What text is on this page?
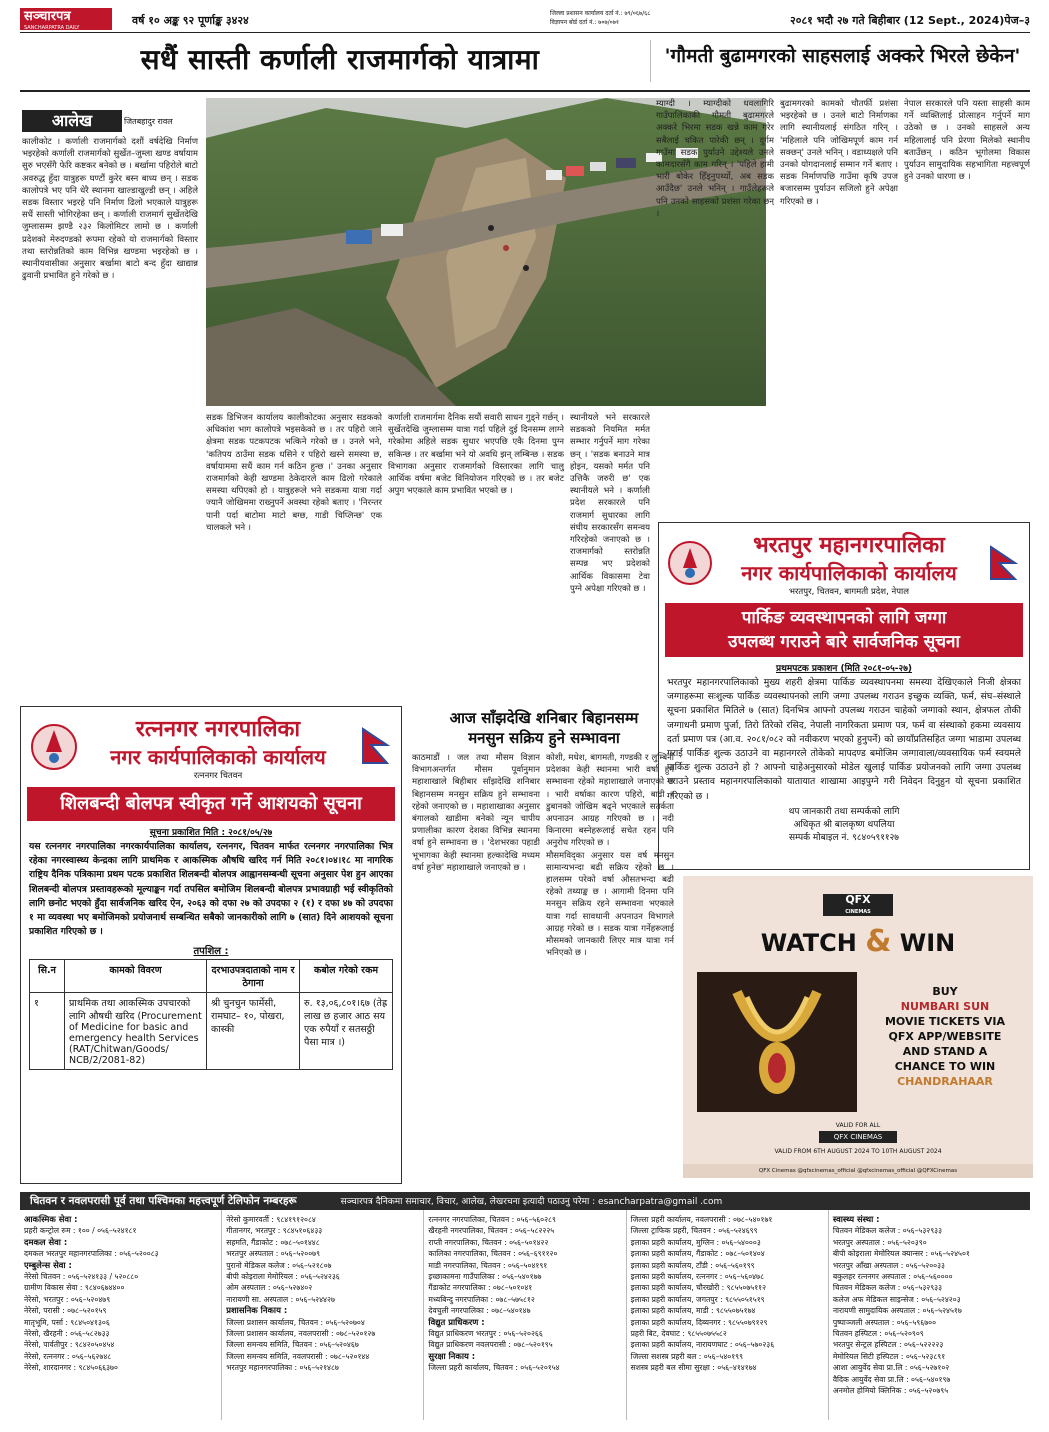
सञ्चारपत्र
SANCHARPATRA DAILY
वर्ष १० अङ्क ९२ पूर्णाङ्क ३४२४
जिल्ला प्रशासन कार्यालय दर्ता नं.: ७९/०६७/६८
विज्ञापन बोर्ड दर्ता नं.: ७०७/०७१	२०८१ भदौ २७ गते बिहीबार (12 Sept., 2024) पेज–३
सधैं सास्ती कर्णाली राजमार्गको यात्रामा	'गौमती बुढामगरको साहसलाई अक्करे भिरले छेकेन'
आलेख	जितबहादुर रावल

कालीकोट । कर्णाली राजमार्गको दशौं वर्षदेखि निर्माण भइरहेको कर्णाली राजमार्गको सुर्खेत–जुम्ला खण्ड वर्षायाम सुरु भएसँगै फेरि कष्टकर बनेको छ । बर्खामा पहिरोले बाटो अवरुद्ध हुँदा यात्रुहरू घण्टौं कुरेर बस्न बाध्य छन् । सडक कालोपत्रे भए पनि धेरै स्थानमा खाल्डाखुल्डी छन् । अहिले सडक विस्तार भइरहे पनि निर्माण ढिलो भएकाले यात्रुहरू सधैं सास्ती भोगिरहेका छन् । कर्णाली राजमार्ग सुर्खेतदेखि जुम्लासम्म झण्डै २३२ किलोमिटर लामो छ । कर्णाली प्रदेशको मेरुदण्डको रूपमा रहेको यो राजमार्गको विस्तार तथा स्तरोन्नतिको काम विभिन्न खण्डमा भइरहेको छ । स्थानीयवासीका अनुसार बर्खामा बाटो बन्द हुँदा खाद्यान्न ढुवानी प्रभावित हुने गरेको छ ।

सडक डिभिजन कार्यालय कालीकोटका अनुसार सडकको अधिकांश भाग कालोपत्रे भइसकेको छ । तर पहिरो जाने क्षेत्रमा सडक पटकपटक भत्किने गरेको छ । उनले भने, 'कतिपय ठाउँमा सडक धसिने र पहिरो खस्ने समस्या छ, वर्षायाममा सधैं काम गर्न कठिन हुन्छ ।' उनका अनुसार राजमार्गको केही खण्डमा ठेकेदारले काम ढिलो गरेकाले समस्या थपिएको हो । यात्रुहरूले भने सडकमा यात्रा गर्दा ज्यानै जोखिममा राख्नुपर्ने अवस्था रहेको बताए । 'निरन्तर पानी पर्दा बाटोमा माटो बग्छ, गाडी चिप्लिन्छ' एक चालकले भने ।

कर्णाली राजमार्गमा दैनिक सयौं सवारी साधन गुड्ने गर्छन् । सुर्खेतदेखि जुम्लासम्म यात्रा गर्दा पहिले दुई दिनसम्म लाग्ने गरेकोमा अहिले सडक सुधार भएपछि एकै दिनमा पुग्न सकिन्छ । तर बर्खामा भने यो अवधि झन् लम्बिन्छ । सडक विभागका अनुसार राजमार्गको विस्तारका लागि चालु आर्थिक वर्षमा बजेट विनियोजन गरिएको छ । तर बजेट अपुग भएकाले काम प्रभावित भएको छ ।

स्थानीयले भने सरकारले सडकको नियमित मर्मत सम्भार गर्नुपर्ने माग गरेका छन् । 'सडक बनाउने मात्र होइन, यसको मर्मत पनि उत्तिकै जरुरी छ' एक स्थानीयले भने । कर्णाली प्रदेश सरकारले पनि राजमार्ग सुधारका लागि संघीय सरकारसँग समन्वय गरिरहेको जनाएको छ । राजमार्गको स्तरोन्नति सम्पन्न भए प्रदेशको आर्थिक विकासमा टेवा पुग्ने अपेक्षा गरिएको छ ।

म्याग्दी । म्याग्दीको धवलागिरि गाउँपालिकाकी गौमती बुढामगरले अक्करे भिरमा सडक खन्ने काम गरेर सबैलाई चकित पारेकी छन् । दुर्गम गाउँमा सडक पुर्याउने उद्देश्यले उनले कामदारसँगै काम गरिन् । 'पहिले हामी भारी बोकेर हिँड्नुपर्थ्यो, अब सडक आउँदैछ' उनले भनिन् । गाउँलेहरूले पनि उनको साहसको प्रशंसा गरेका छन् ।

बुढामगरको कामको चौतर्फी प्रशंसा भइरहेको छ । उनले बाटो निर्माणका लागि स्थानीयलाई संगठित गरिन् । 'महिलाले पनि जोखिमपूर्ण काम गर्न सक्छन्' उनले भनिन् । वडाध्यक्षले पनि उनको योगदानलाई सम्मान गर्ने बताए । सडक निर्माणपछि गाउँमा कृषि उपज बजारसम्म पुर्याउन सजिलो हुने अपेक्षा गरिएको छ ।

नेपाल सरकारले पनि यस्ता साहसी काम गर्ने व्यक्तिलाई प्रोत्साहन गर्नुपर्ने माग उठेको छ । उनको साहसले अन्य महिलालाई पनि प्रेरणा मिलेको स्थानीय बताउँछन् । कठिन भूगोलमा विकास पुर्याउन सामुदायिक सहभागिता महत्त्वपूर्ण हुने उनको धारणा छ ।

भरतपुर महानगरपालिका
नगर कार्यपालिकाको कार्यालय
भरतपुर, चितवन, बागमती प्रदेश, नेपाल
पार्किङ व्यवस्थापनको लागि जग्गा
उपलब्ध गराउने बारे सार्वजनिक सूचना
प्रथमपटक प्रकाशन (मिति २०८१-०५-२७)
भरतपुर महानगरपालिकाको मुख्य शहरी क्षेत्रमा पार्किङ व्यवस्थापनमा समस्या देखिएकाले निजी क्षेत्रका जग्गाहरूमा सःशुल्क पार्किङ व्यवस्थापनको लागि जग्गा उपलब्ध गराउन इच्छुक व्यक्ति, फर्म, संघ–संस्थाले सूचना प्रकाशित मितिले ७ (सात) दिनभित्र आफ्नो उपलब्ध गराउन चाहेको जग्गाको स्थान, क्षेत्रफल तोकी जग्गाधनी प्रमाण पुर्जा, तिरो तिरेको रसिद, नेपाली नागरिकता प्रमाण पत्र, फर्म वा संस्थाको हकमा व्यवसाय दर्ता प्रमाण पत्र (आ.व. २०८१/०८२ को नवीकरण भएको हुनुपर्ने) को छायाँप्रतिसहित जग्गा भाडामा उपलब्ध गराई पार्किङ शुल्क उठाउने वा महानगरले तोकेको मापदण्ड बमोजिम जग्गावाला/व्यवसायिक फर्म स्वयमले पार्किङ शुल्क उठाउने हो ? आफ्नो चाहेअनुसारको मोडेल खुलाई पार्किङ प्रयोजनको लागि जग्गा उपलब्ध गराउने प्रस्ताव महानगरपालिकाको यातायात शाखामा आइपुग्ने गरी निवेदन दिनुहुन यो सूचना प्रकाशित गरिएको छ ।
थप जानकारी तथा सम्पर्कको लागि
अधिकृत श्री बालकृष्ण थपलिया
सम्पर्क मोबाइल नं. ९८४०५९११२७
रत्ननगर नगरपालिका
नगर कार्यपालिकाको कार्यालय
रत्ननगर चितवन
शिलबन्दी बोलपत्र स्वीकृत गर्ने आशयको सूचना
सूचना प्रकाशित मिति : २०८१/०५/२७
यस रत्ननगर नगरपालिका नगरकार्यपालिका कार्यालय, रत्ननगर, चितवन मार्फत रत्ननगर नगरपालिका भित्र रहेका नगरस्वास्थ्य केन्द्रका लागि प्राथमिक र आकस्मिक औषधि खरिद गर्न मिति २०८१।०४।१८ मा नागरिक राष्ट्रिय दैनिक पत्रिकामा प्रथम पटक प्रकाशित शिलबन्दी बोलपत्र आह्वानसम्बन्धी सूचना अनुसार पेश हुन आएका शिलबन्दी बोलपत्र प्रस्तावहरूको मूल्याङ्कन गर्दा तपसिल बमोजिम शिलबन्दी बोलपत्र प्रभावग्राही भई स्वीकृतिको लागि छनोट भएको हुँदा सार्वजनिक खरिद ऐन, २०६३ को दफा २७ को उपदफा २ (१) र दफा ४७ को उपदफा १ मा व्यवस्था भए बमोजिमको प्रयोजनार्थ सम्बन्धित सबैको जानकारीको लागि ७ (सात) दिने आशयको सूचना प्रकाशित गरिएको छ ।
तपशिल :
सि.न	कामको विवरण	दरभाउपत्रदाताको नाम र ठेगाना	कबोल गरेको रकम
१	प्राथमिक तथा आकस्मिक उपचारको लागि औषधी खरिद (Procurement of Medicine for basic and emergency health Services (RAT/Chitwan/Goods/ NCB/2/2081-82)	श्री चुनचुन फार्मेसी, रामघाट– १०, पोखरा, कास्की	रु. १३,०६,८०१।६७ (तेह्र लाख छ हजार आठ सय एक रुपैयाँ र सतसठ्ठी पैसा मात्र ।)
आज साँझदेखि शनिबार बिहानसम्म
मनसुन सक्रिय हुने सम्भावना

काठमाडौं । जल तथा मौसम विज्ञान विभागअन्तर्गत मौसम पूर्वानुमान महाशाखाले बिहीबार साँझदेखि शनिबार बिहानसम्म मनसुन सक्रिय हुने सम्भावना रहेको जनाएको छ । महाशाखाका अनुसार बंगालको खाडीमा बनेको न्यून चापीय प्रणालीका कारण देशका विभिन्न स्थानमा वर्षा हुने सम्भावना छ । 'देशभरका पहाडी भूभागका केही स्थानमा हल्कादेखि मध्यम वर्षा हुनेछ' महाशाखाले जनाएको छ ।

कोशी, मधेश, बागमती, गण्डकी र लुम्बिनी प्रदेशका केही स्थानमा भारी वर्षा हुने सम्भावना रहेको महाशाखाले जनाएको छ । भारी वर्षाका कारण पहिरो, बाढी र डुबानको जोखिम बढ्ने भएकाले सतर्कता अपनाउन आग्रह गरिएको छ । नदी किनारमा बस्नेहरूलाई सचेत रहन पनि अनुरोध गरिएको छ ।

मौसमविद्का अनुसार यस वर्ष मनसुन सामान्यभन्दा बढी सक्रिय रहेको छ । हालसम्म परेको वर्षा औसतभन्दा बढी रहेको तथ्याङ्क छ । आगामी दिनमा पनि मनसुन सक्रिय रहने सम्भावना भएकाले यात्रा गर्दा सावधानी अपनाउन विभागले आग्रह गरेको छ । सडक यात्रा गर्नेहरूलाई मौसमको जानकारी लिएर मात्र यात्रा गर्न भनिएको छ ।

QFX
CINEMAS
WATCH & WIN
BUY
NUMBARI SUN
MOVIE TICKETS VIA
QFX APP/WEBSITE
AND STAND A
CHANCE TO WIN
CHANDRAHAAR
VALID FOR ALL
QFX CINEMAS
VALID FROM 6TH AUGUST 2024 TO 10TH AUGUST 2024
QFX Cinemas @qfxcinemas_official @qfxcinemas_official @QFXCinemas
चितवन र नवलपरासी पूर्व तथा पश्चिमका महत्त्वपूर्ण टेलिफोन नम्बरहरू	सञ्चारपत्र दैनिकमा समाचार, विचार, आलेख, लेखरचना इत्यादी पठाउनु परेमा : esancharpatra@gmail .com
आकस्मिक सेवा :
प्रहरी कन्ट्रोल रुम : १०० / ०५६–५२४१८१
दमकल सेवा :
दमकल भरतपुर महानगरपालिका : ०५६–५२००८३
एम्बुलेन्स सेवा :
नेरेसो चितवन : ०५६–५२४१३३ / ५२०८८०
ग्रामीण विकास सेवा : ९८४०६७४४००
नेरेसो, भरतपुर : ०५६–५२०४७९
नेरेसो, परासी : ०७८–५२०१५९
मातृभूमि, पर्सा : ९८४५०४१३०६
नेरेसो, खैरहनी : ०५६–५८२७३३
नेरेसो, पार्वतीपुर : ९८४२०५०४५४
नेरेसो, रत्ननगर : ०५६–५६२७४८
नेरेसो, शारदानगर : ९८४५०६६३७०
नेरेसो कुमारवर्ती : ९८४१९१२०८४
गीतानगर, भरतपुर : ९८४५१०६४३३
सहमति, गैंडाकोट : ०७८–५०१४४८
भरतपुर अस्पताल : ०५६–५२००७९
पुरानो मेडिकल कलेज : ०५६–५२१८०७
बीपी कोइराला मेमोरियल : ०५६–५२४२३६
ओम अस्पताल : ०५६–५२७४०२
नारायणी सा. अस्पताल : ०५६–५२४४२७
प्रशासनिक निकाय :
जिल्ला प्रशासन कार्यालय, चितवन : ०५६–५२०७०४
जिल्ला प्रशासन कार्यालय, नवलपरासी : ०७८–५२०१२७
जिल्ला समन्वय समिति, चितवन : ०५६–५२०४६७
जिल्ला समन्वय समिति, नवलपरासी : ०७८–५२०१४४
भरतपुर महानगरपालिका : ०५६–५२१४८७
रत्ननगर नगरपालिका, चितवन : ०५६–५६०२८९
खैरहनी नगरपालिका, चितवन : ०५६–५८२२२५
राप्ती नगरपालिका, चितवन : ०५६–५०१४२२
कालिका नगरपालिका, चितवन : ०५६–६९११२०
माडी नगरपालिका, चितवन : ०५६–५०४१९१
इच्छाकामना गाउँपालिका : ०५६–५४०१७७
गैंडाकोट नगरपालिका : ०७८–५०१०४१
मध्यबिन्दु नगरपालिका : ०७८–५७५८१२
देवचुली नगरपालिका : ०७८–५४०१४७
विद्युत प्राधिकरण :
विद्युत प्राधिकरण भरतपुर : ०५६–५२०२६६
विद्युत प्राधिकरण नवलपरासी : ०७८–५२०१९५
सुरक्षा निकाय :
जिल्ला प्रहरी कार्यालय, चितवन : ०५६–५२०१५४
जिल्ला प्रहरी कार्यालय, नवलपरासी : ०७८–५४०१७१
जिल्ला ट्राफिक प्रहरी, चितवन : ०५६–५२४६९९
इलाका प्रहरी कार्यालय, मुग्लिन : ०५६–५४०००३
इलाका प्रहरी कार्यालय, गैंडाकोट : ०७८–५०१४०४
इलाका प्रहरी कार्यालय, टाँडी : ०५६–५६०१९९
इलाका प्रहरी कार्यालय, रत्ननगर : ०५६–५६०४७८
इलाका प्रहरी कार्यालय, चौरखोरी : ९८५५०७५११२
इलाका प्रहरी कार्यालय, जगतपुर : ९८५५०५१५१९
इलाका प्रहरी कार्यालय, माडी : ९८५५०७५१७४
इलाका प्रहरी कार्यालय, दिब्यनगर : ९८५५०७९१२९
प्रहरी बिट, देवघाट : ९८५५०७५५८२
इलाका प्रहरी कार्यालय, नारायणघाट : ०५६–५७०२३६
जिल्ला सशस्त्र प्रहरी बल : ०५६–५४०१९९
सशस्त्र प्रहरी बल सीमा सुरक्षा : ०५६–४१४१७४
स्वास्थ्य संस्था :
चितवन मेडिकल कलेज : ०५६–५३२९३३
भरतपुर अस्पताल : ०५६–५२०३९०
बीपी कोइराला मेमोरियल क्यान्सर : ०५६–५२४५०१
भरतपुर आँखा अस्पताल : ०५६–५२००३३
बकुलहर रत्ननगर अस्पताल : ०५६–५६००००
चितवन मेडिकल कलेज : ०५६–५३२९३३
कलेज अफ मेडिकल साइन्सेज : ०५६–५२४२०३
नारायणी सामुदायिक अस्पताल : ०५६–५२४५१७
पुष्पाञ्जली अस्पताल : ०५६–५९६७००
चितवन हस्पिटल : ०५६–५२०९०९
भरतपुर सेन्ट्रल हस्पिटल : ०५६–५२२२२३
मेमोरियल सिटी हस्पिटल : ०५६–५२३८९१
आशा आयुर्वेद सेवा प्रा.लि : ०५६–५२७१०२
वैदिक आयुर्वेद सेवा प्रा.लि : ०५६–५४०१९७
अनमोल होमियो क्लिनिक : ०५६–५२०७९५
